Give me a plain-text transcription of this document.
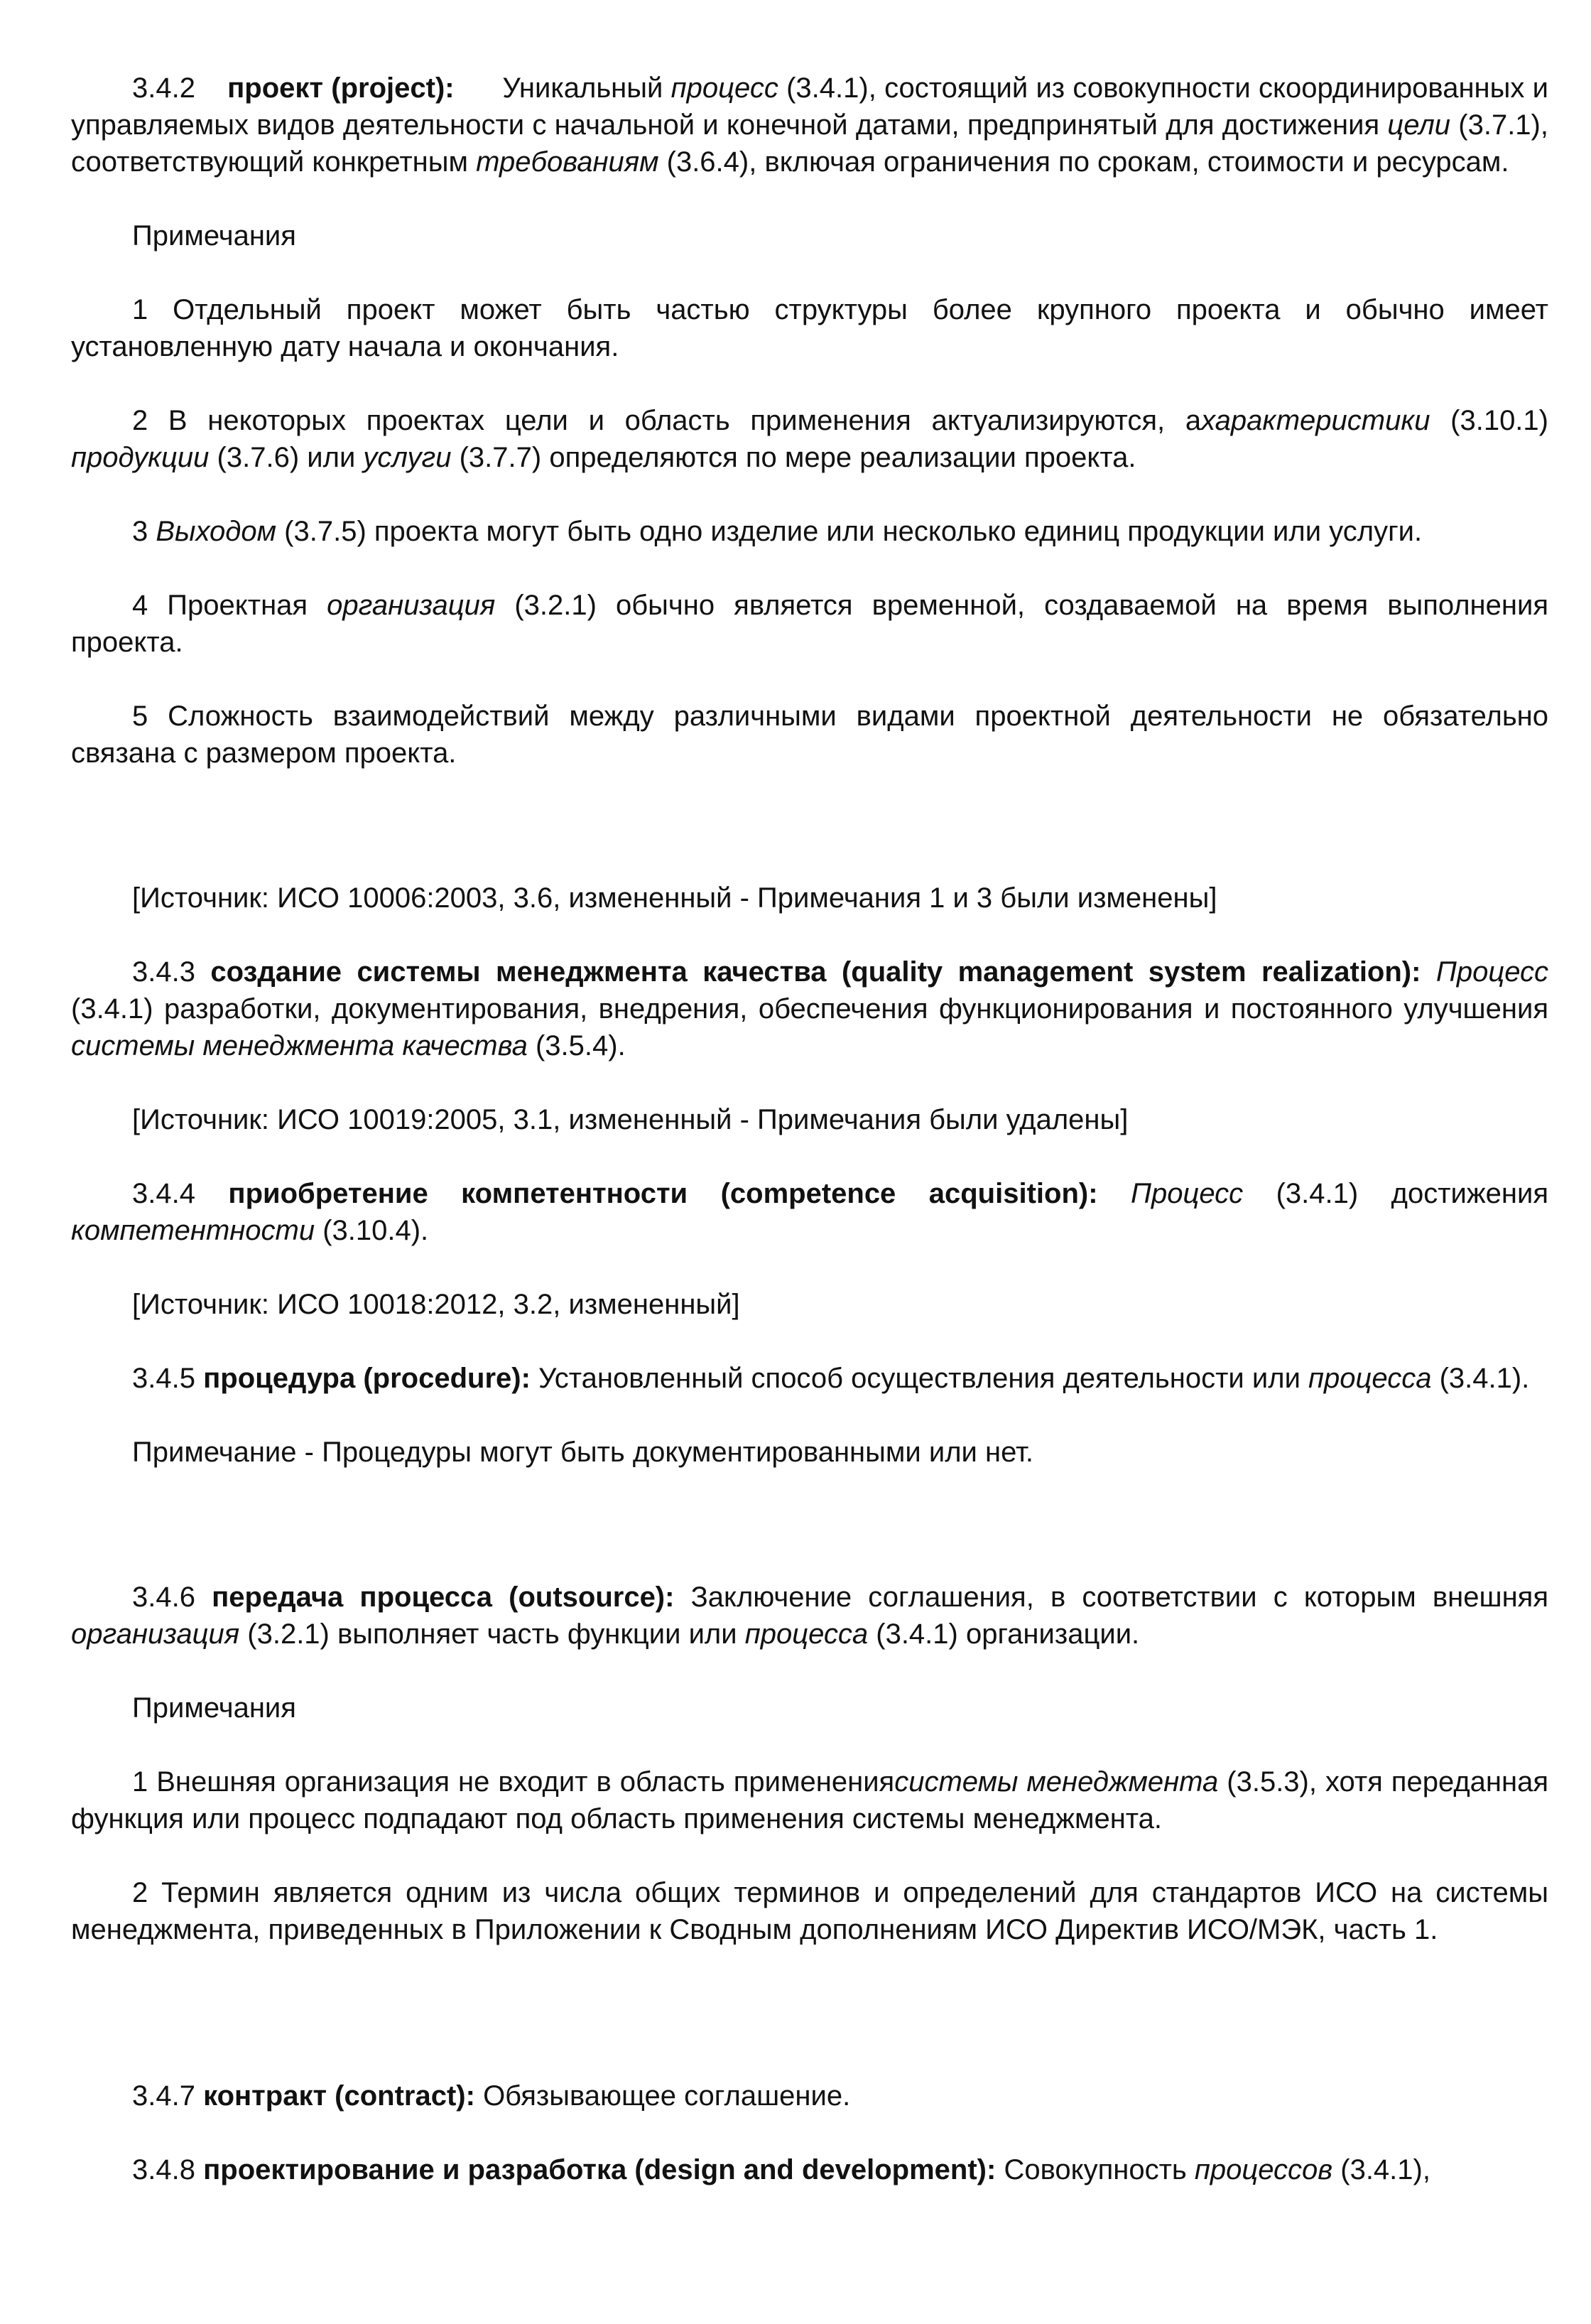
3.4.2 проект (project): Уникальный процесс (3.4.1), состоящий из совокупности скоординированных и управляемых видов деятельности с начальной и конечной датами, предпринятый для достижения цели (3.7.1), соответствующий конкретным требованиям (3.6.4), включая ограничения по срокам, стоимости и ресурсам.

Примечания

1 Отдельный проект может быть частью структуры более крупного проекта и обычно имеет установленную дату начала и окончания.

2 В некоторых проектах цели и область применения актуализируются, ахарактеристики (3.10.1) продукции (3.7.6) или услуги (3.7.7) определяются по мере реализации проекта.

3 Выходом (3.7.5) проекта могут быть одно изделие или несколько единиц продукции или услуги.

4 Проектная организация (3.2.1) обычно является временной, создаваемой на время выполнения проекта.

5 Сложность взаимодействий между различными видами проектной деятельности не обязательно связана с размером проекта.

[Источник: ИСО 10006:2003, 3.6, измененный - Примечания 1 и 3 были изменены]

3.4.3 создание системы менеджмента качества (quality management system realization): Процесс (3.4.1) разработки, документирования, внедрения, обеспечения функционирования и постоянного улучшения системы менеджмента качества (3.5.4).

[Источник: ИСО 10019:2005, 3.1, измененный - Примечания были удалены]

3.4.4 приобретение компетентности (competence acquisition): Процесс (3.4.1) достижения компетентности (3.10.4).

[Источник: ИСО 10018:2012, 3.2, измененный]

3.4.5 процедура (procedure): Установленный способ осуществления деятельности или процесса (3.4.1).

Примечание - Процедуры могут быть документированными или нет.

3.4.6 передача процесса (outsource): Заключение соглашения, в соответствии с которым внешняя организация (3.2.1) выполняет часть функции или процесса (3.4.1) организации.

Примечания

1 Внешняя организация не входит в область применениясистемы менеджмента (3.5.3), хотя переданная функция или процесс подпадают под область применения системы менеджмента.

2 Термин является одним из числа общих терминов и определений для стандартов ИСО на системы менеджмента, приведенных в Приложении к Сводным дополнениям ИСО Директив ИСО/МЭК, часть 1.

3.4.7 контракт (contract): Обязывающее соглашение.

3.4.8 проектирование и разработка (design and development): Совокупность процессов (3.4.1),
